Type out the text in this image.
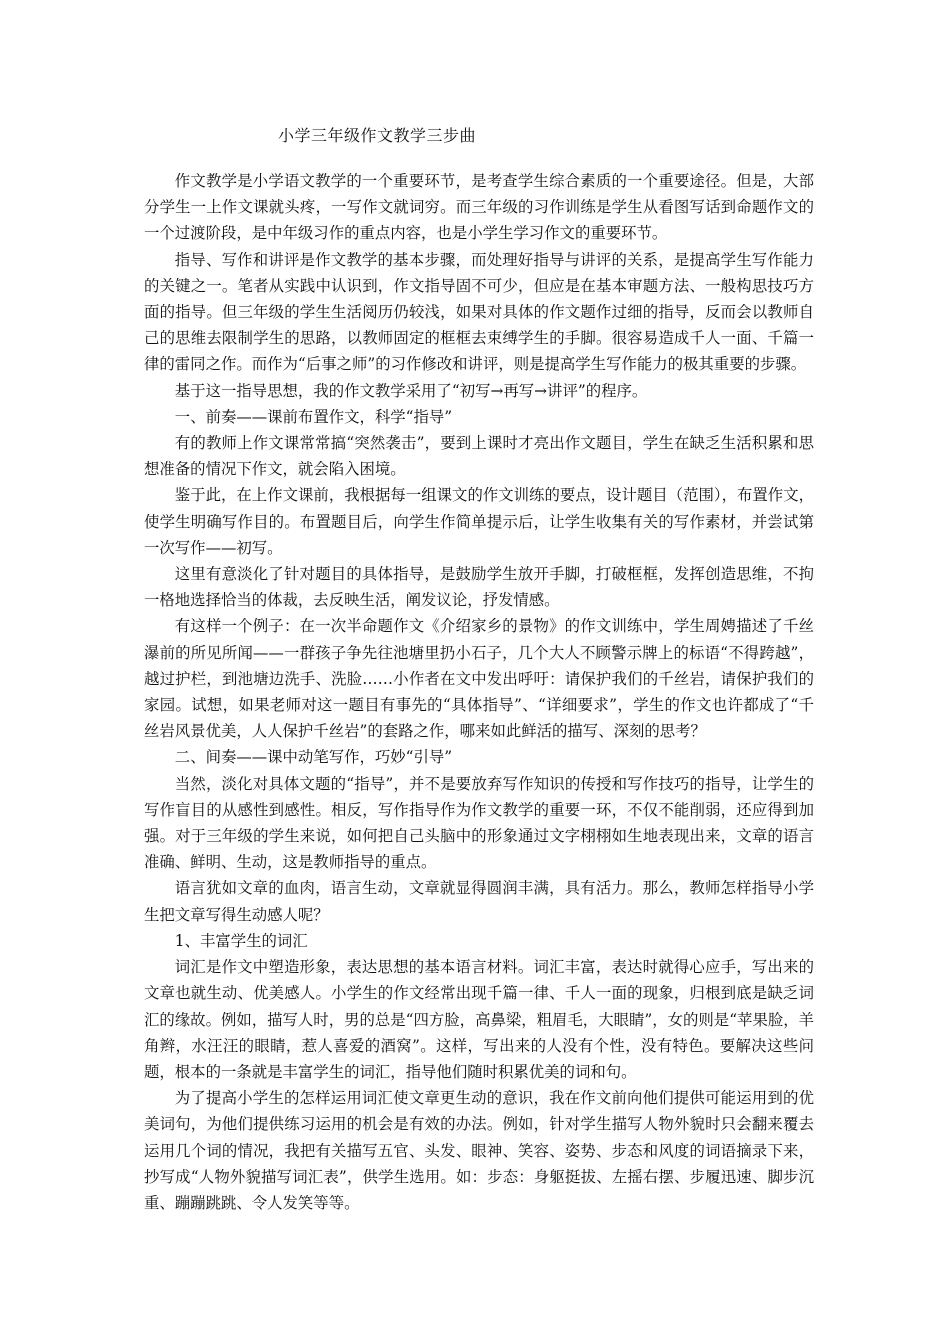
小学三年级作文教学三步曲

作文教学是小学语文教学的一个重要环节，是考查学生综合素质的一个重要途径。但是，大部分学生一上作文课就头疼，一写作文就词穷。而三年级的习作训练是学生从看图写话到命题作文的一个过渡阶段，是中年级习作的重点内容，也是小学生学习作文的重要环节。

指导、写作和讲评是作文教学的基本步骤，而处理好指导与讲评的关系，是提高学生写作能力的关键之一。笔者从实践中认识到，作文指导固不可少，但应是在基本审题方法、一般构思技巧方面的指导。但三年级的学生生活阅历仍较浅，如果对具体的作文题作过细的指导，反而会以教师自己的思维去限制学生的思路，以教师固定的框框去束缚学生的手脚。很容易造成千人一面、千篇一律的雷同之作。而作为“后事之师”的习作修改和讲评，则是提高学生写作能力的极其重要的步骤。

基于这一指导思想，我的作文教学采用了“初写→再写→讲评”的程序。

一、前奏——课前布置作文，科学“指导”

有的教师上作文课常常搞“突然袭击”，要到上课时才亮出作文题目，学生在缺乏生活积累和思想准备的情况下作文，就会陷入困境。

鉴于此，在上作文课前，我根据每一组课文的作文训练的要点，设计题目（范围），布置作文，使学生明确写作目的。布置题目后，向学生作简单提示后，让学生收集有关的写作素材，并尝试第一次写作——初写。

这里有意淡化了针对题目的具体指导，是鼓励学生放开手脚，打破框框，发挥创造思维，不拘一格地选择恰当的体裁，去反映生活，阐发议论，抒发情感。

有这样一个例子：在一次半命题作文《介绍家乡的景物》的作文训练中，学生周娉描述了千丝瀑前的所见所闻——一群孩子争先往池塘里扔小石子，几个大人不顾警示牌上的标语“不得跨越”，越过护栏，到池塘边洗手、洗脸……小作者在文中发出呼吁：请保护我们的千丝岩，请保护我们的家园。试想，如果老师对这一题目有事先的“具体指导”、“详细要求”，学生的作文也许都成了“千丝岩风景优美，人人保护千丝岩”的套路之作，哪来如此鲜活的描写、深刻的思考？

二、间奏——课中动笔写作，巧妙“引导”

当然，淡化对具体文题的“指导”，并不是要放弃写作知识的传授和写作技巧的指导，让学生的写作盲目的从感性到感性。相反，写作指导作为作文教学的重要一环，不仅不能削弱，还应得到加强。对于三年级的学生来说，如何把自己头脑中的形象通过文字栩栩如生地表现出来，文章的语言准确、鲜明、生动，这是教师指导的重点。

语言犹如文章的血肉，语言生动，文章就显得圆润丰满，具有活力。那么，教师怎样指导小学生把文章写得生动感人呢？

1、丰富学生的词汇

词汇是作文中塑造形象，表达思想的基本语言材料。词汇丰富，表达时就得心应手，写出来的文章也就生动、优美感人。小学生的作文经常出现千篇一律、千人一面的现象，归根到底是缺乏词汇的缘故。例如，描写人时，男的总是“四方脸，高鼻梁，粗眉毛，大眼睛”，女的则是“苹果脸，羊角辫，水汪汪的眼睛，惹人喜爱的酒窝”。这样，写出来的人没有个性，没有特色。要解决这些问题，根本的一条就是丰富学生的词汇，指导他们随时积累优美的词和句。

为了提高小学生的怎样运用词汇使文章更生动的意识，我在作文前向他们提供可能运用到的优美词句，为他们提供练习运用的机会是有效的办法。例如，针对学生描写人物外貌时只会翻来覆去运用几个词的情况，我把有关描写五官、头发、眼神、笑容、姿势、步态和风度的词语摘录下来，抄写成“人物外貌描写词汇表”，供学生选用。如：步态：身躯挺拔、左摇右摆、步履迅速、脚步沉重、蹦蹦跳跳、令人发笑等等。
